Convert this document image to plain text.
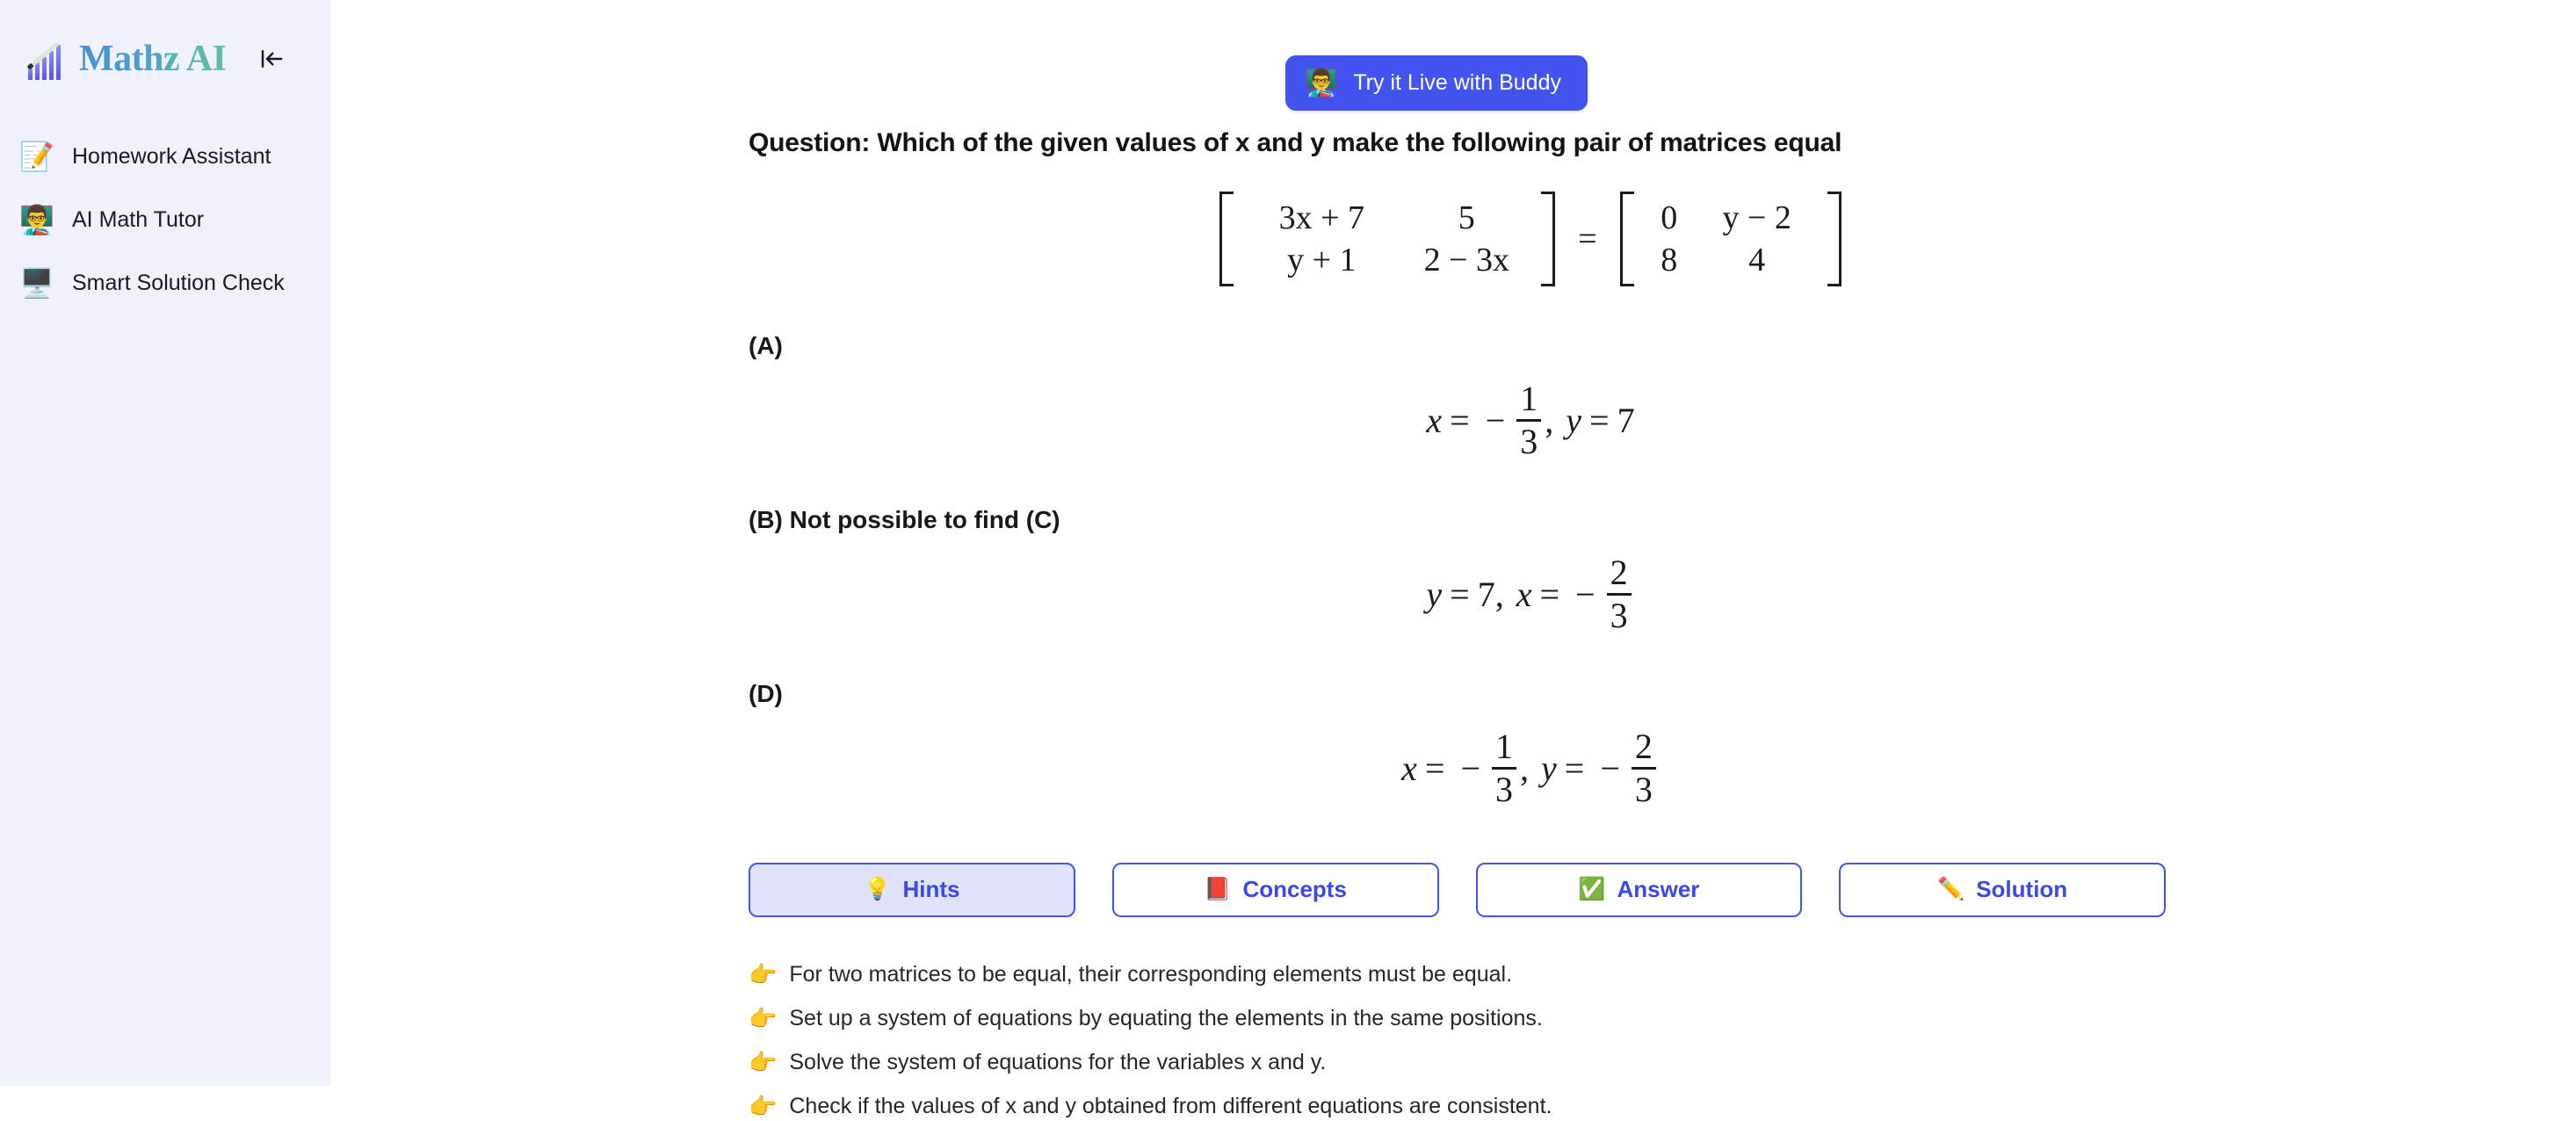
Mathz AI
📝 Homework Assistant
👨‍🏫 AI Math Tutor
🖥️ Smart Solution Check
👨‍🏫 Try it Live with Buddy
Question: Which of the given values of x and y make the following pair of matrices equal
3x + 7	5
y + 1	2 − 3x
=
0	y − 2
8	4
(A)
x = − $\frac{1}{3}$ , y = 7
(B) Not possible to find (C)
y = 7 , x = − $\frac{2}{3}$
(D)
x = − $\frac{1}{3}$ , y = − $\frac{2}{3}$
💡 Hints	📕 Concepts	✅ Answer	✏️ Solution
👉 For two matrices to be equal, their corresponding elements must be equal.
👉 Set up a system of equations by equating the elements in the same positions.
👉 Solve the system of equations for the variables x and y.
👉 Check if the values of x and y obtained from different equations are consistent.
